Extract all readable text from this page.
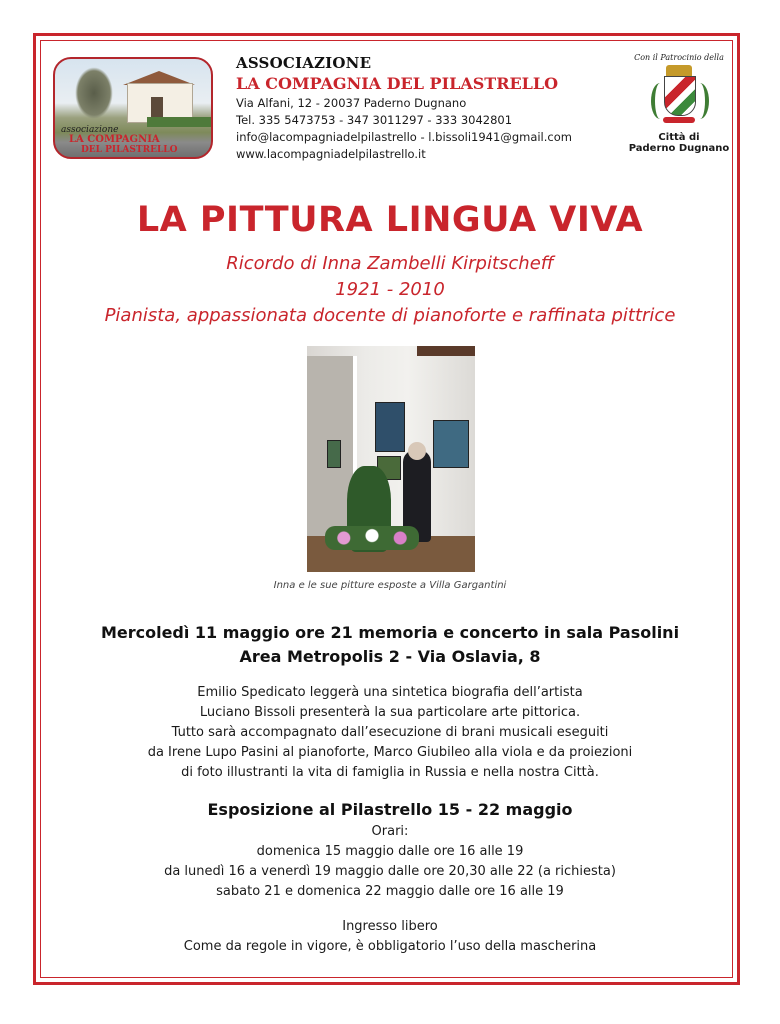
associazione
LA COMPAGNIA
DEL PILASTRELLO
ASSOCIAZIONE
LA COMPAGNIA DEL PILASTRELLO
Via Alfani, 12 - 20037 Paderno Dugnano
Tel. 335 5473753 - 347 3011297 - 333 3042801
info@lacompagniadelpilastrello - l.bissoli1941@gmail.com
www.lacompagniadelpilastrello.it
Con il Patrocinio della
Città di
Paderno Dugnano
LA PITTURA LINGUA VIVA
Ricordo di Inna Zambelli Kirpitscheff
1921 - 2010
Pianista, appassionata docente di pianoforte e raffinata pittrice
Inna e le sue pitture esposte a Villa Gargantini
Mercoledì 11 maggio ore 21 memoria e concerto in sala Pasolini
Area Metropolis 2 - Via Oslavia, 8
Emilio Spedicato leggerà una sintetica biografia dell’artista
Luciano Bissoli presenterà la sua particolare arte pittorica.
Tutto sarà accompagnato dall’esecuzione di brani musicali eseguiti
da Irene Lupo Pasini al pianoforte, Marco Giubileo alla viola e da proiezioni
di foto illustranti la vita di famiglia in Russia e nella nostra Città.
Esposizione al Pilastrello 15 - 22 maggio
Orari:
domenica 15 maggio dalle ore 16 alle 19
da lunedì 16 a venerdì 19 maggio dalle ore 20,30 alle 22 (a richiesta)
sabato 21 e domenica 22 maggio dalle ore 16 alle 19
Ingresso libero
Come da regole in vigore, è obbligatorio l’uso della mascherina
